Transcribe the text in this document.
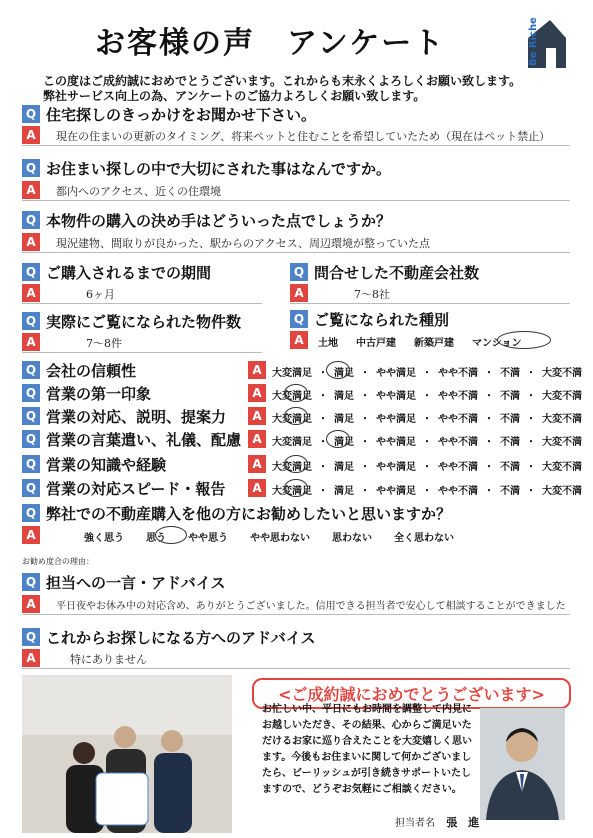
お客様の声　アンケート	Be Riche
この度はご成約誠におめでとうございます。これからも末永くよろしくお願い致します。
弊社サービス向上の為、アンケートのご協力よろしくお願い致します。
Q 住宅探しのきっかけをお聞かせ下さい。
A	現在の住まいの更新のタイミング、将来ペットと住むことを希望していたため（現在はペット禁止）
Q お住まい探しの中で大切にされた事はなんですか。
A	都内へのアクセス、近くの住環境
Q 本物件の購入の決め手はどういった点でしょうか？
A	現況建物、間取りが良かった、駅からのアクセス、周辺環境が整っていた点
Q ご購入されるまでの期間
A	6ヶ月
Q 問合せした不動産会社数
A	7〜8社
Q 実際にご覧になられた物件数
A	7〜8件
Q ご覧になられた種別
A	土地 中古戸建 新築戸建 マンション
Q 会社の信頼性	A	大変満足 ・ 満足 ・ やや満足 ・ やや不満 ・ 不満 ・ 大変不満
Q 営業の第一印象	A	大変満足 ・ 満足 ・ やや満足 ・ やや不満 ・ 不満 ・ 大変不満
Q 営業の対応、説明、提案力	A	大変満足 ・ 満足 ・ やや満足 ・ やや不満 ・ 不満 ・ 大変不満
Q 営業の言葉遣い、礼儀、配慮 A	大変満足 ・ 満足 ・ やや満足 ・ やや不満 ・ 不満 ・ 大変不満
Q 営業の知識や経験	A	大変満足 ・ 満足 ・ やや満足 ・ やや不満 ・ 不満 ・ 大変不満
Q 営業の対応スピード・報告	A	大変満足 ・ 満足 ・ やや満足 ・ やや不満 ・ 不満 ・ 大変不満
Q 弊社での不動産購入を他の方にお勧めしたいと思いますか？
A	強く思う 思う やや思う やや思わない 思わない 全く思わない
お勧め度合の理由：
Q 担当への一言・アドバイス
A	平日夜やお休み中の対応含め、ありがとうございました。信用できる担当者で安心して相談することができました
Q これからお探しになる方へのアドバイス
A	特にありません
<ご成約誠におめでとうございます>
お忙しい中、平日にもお時間を調整して内見にお越しいただき、その結果、心からご満足いただけるお家に巡り合えたことを大変嬉しく思います。今後もお住まいに関して何かございましたら、ビーリッシュが引き続きサポートいたしますので、どうぞお気軽にご相談ください。
担当者名 張　進
